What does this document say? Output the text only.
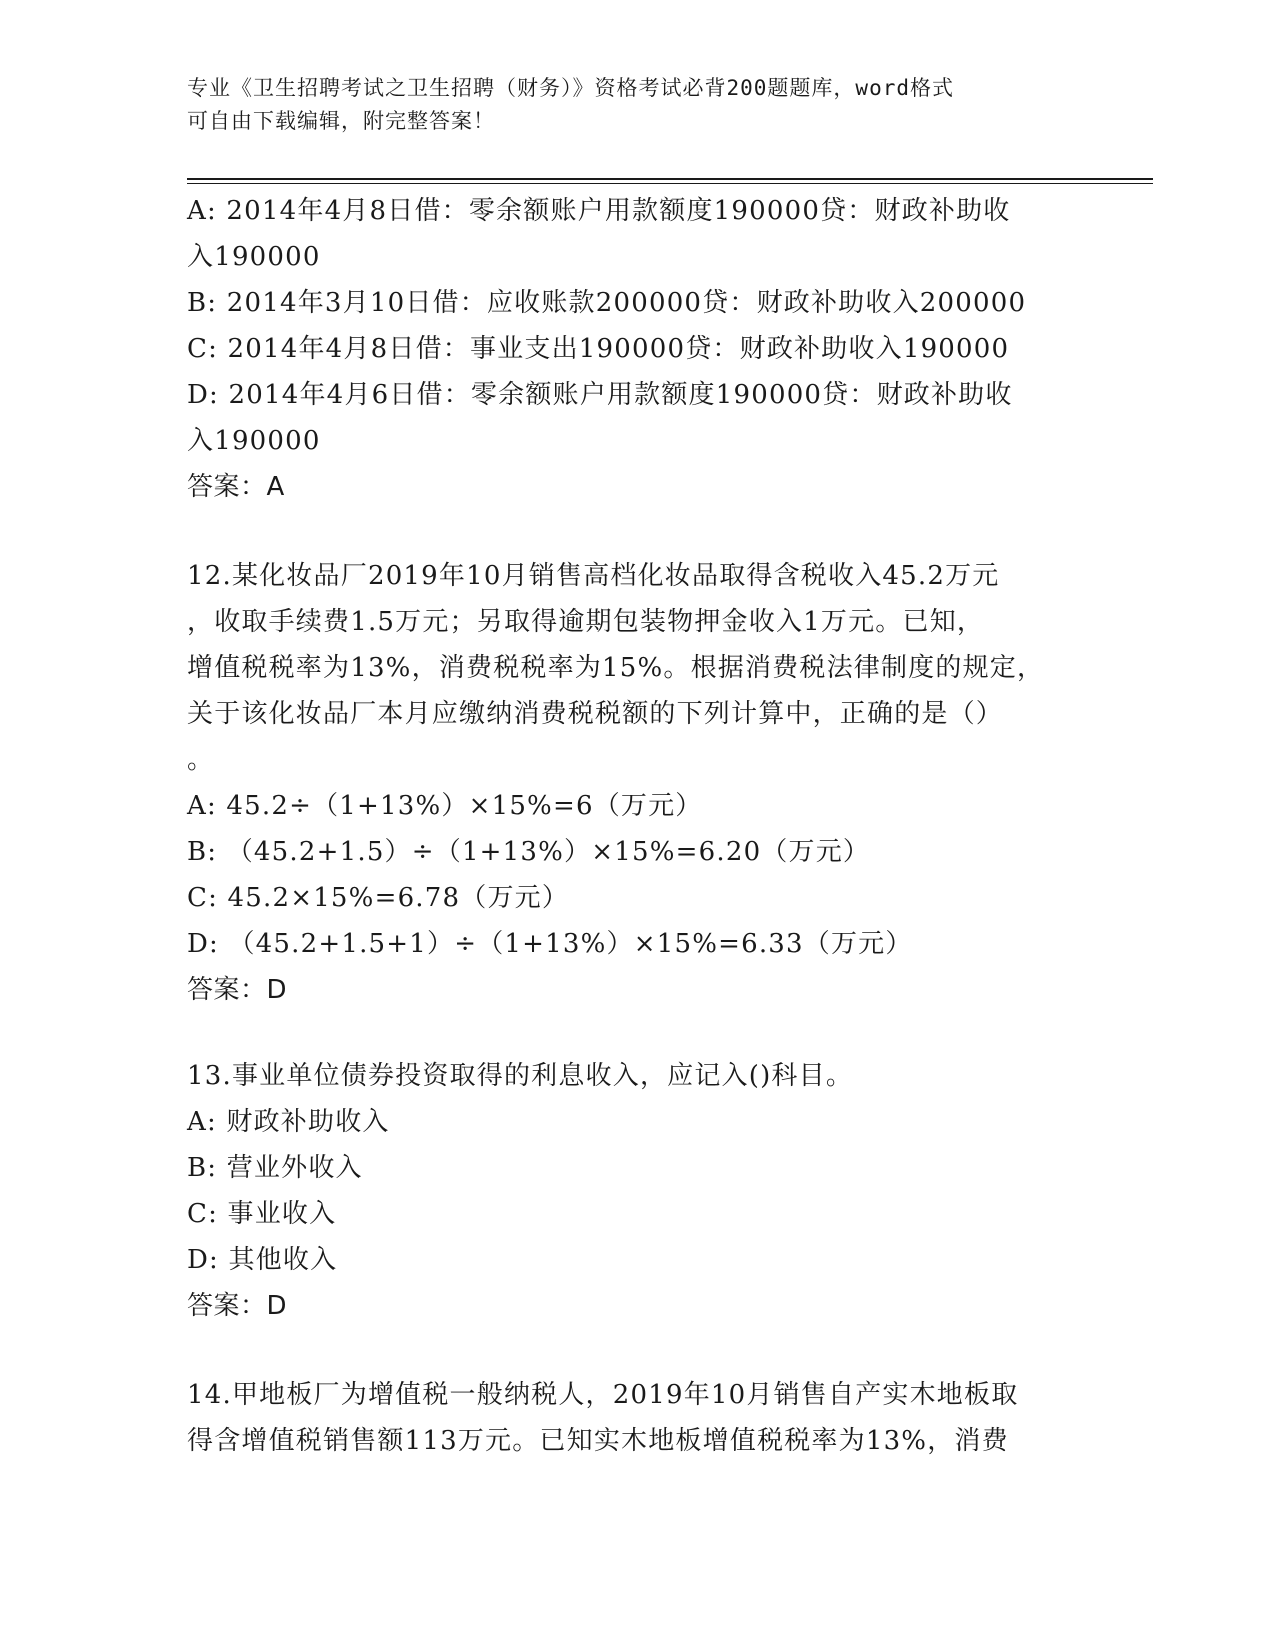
专业《卫生招聘考试之卫生招聘（财务）》资格考试必背200题题库，word格式
可自由下载编辑，附完整答案！
A: 2014年4月8日借：零余额账户用款额度190000贷：财政补助收
入190000
B: 2014年3月10日借：应收账款200000贷：财政补助收入200000
C: 2014年4月8日借：事业支出190000贷：财政补助收入190000
D: 2014年4月6日借：零余额账户用款额度190000贷：财政补助收
入190000
答案：A
12.某化妆品厂2019年10月销售高档化妆品取得含税收入45.2万元
，收取手续费1.5万元；另取得逾期包装物押金收入1万元。已知，
增值税税率为13%，消费税税率为15%。根据消费税法律制度的规定，
关于该化妆品厂本月应缴纳消费税税额的下列计算中，正确的是（）
。
A: 45.2÷（1+13%）×15%=6（万元）
B: （45.2+1.5）÷（1+13%）×15%=6.20（万元）
C: 45.2×15%=6.78（万元）
D: （45.2+1.5+1）÷（1+13%）×15%=6.33（万元）
答案：D
13.事业单位债券投资取得的利息收入，应记入()科目。
A: 财政补助收入
B: 营业外收入
C: 事业收入
D: 其他收入
答案：D
14.甲地板厂为增值税一般纳税人，2019年10月销售自产实木地板取
得含增值税销售额113万元。已知实木地板增值税税率为13%，消费
